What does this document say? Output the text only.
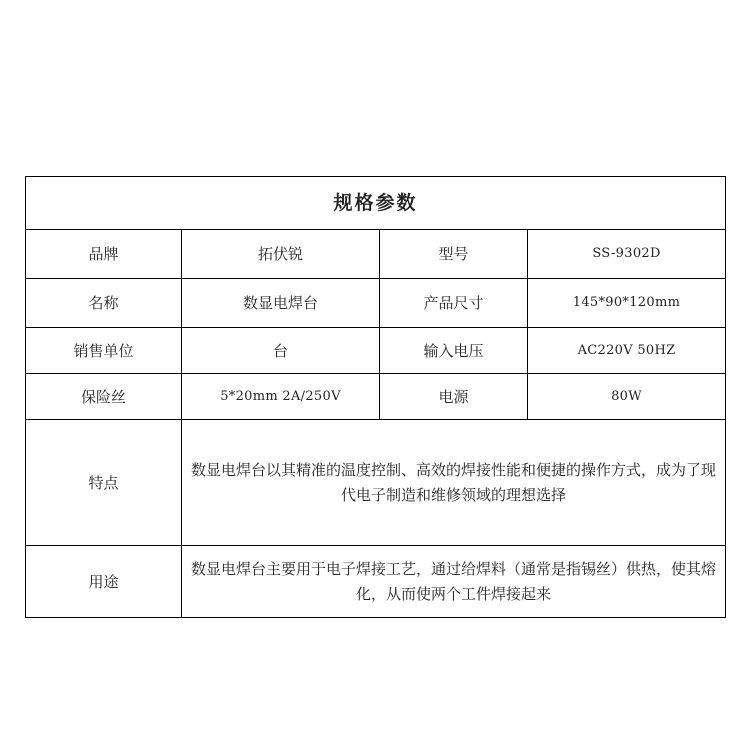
规格参数			
品牌	拓伏锐	型号	SS-9302D
名称	数显电焊台	产品尺寸	145*90*120mm
销售单位	台	输入电压	AC220V 50HZ
保险丝	5*20mm 2A/250V	电源	80W
特点	数显电焊台以其精准的温度控制、高效的焊接性能和便捷的操作方式，成为了现代电子制造和维修领域的理想选择		
用途	数显电焊台主要用于电子焊接工艺，通过给焊料（通常是指锡丝）供热，使其熔化，从而使两个工件焊接起来		
